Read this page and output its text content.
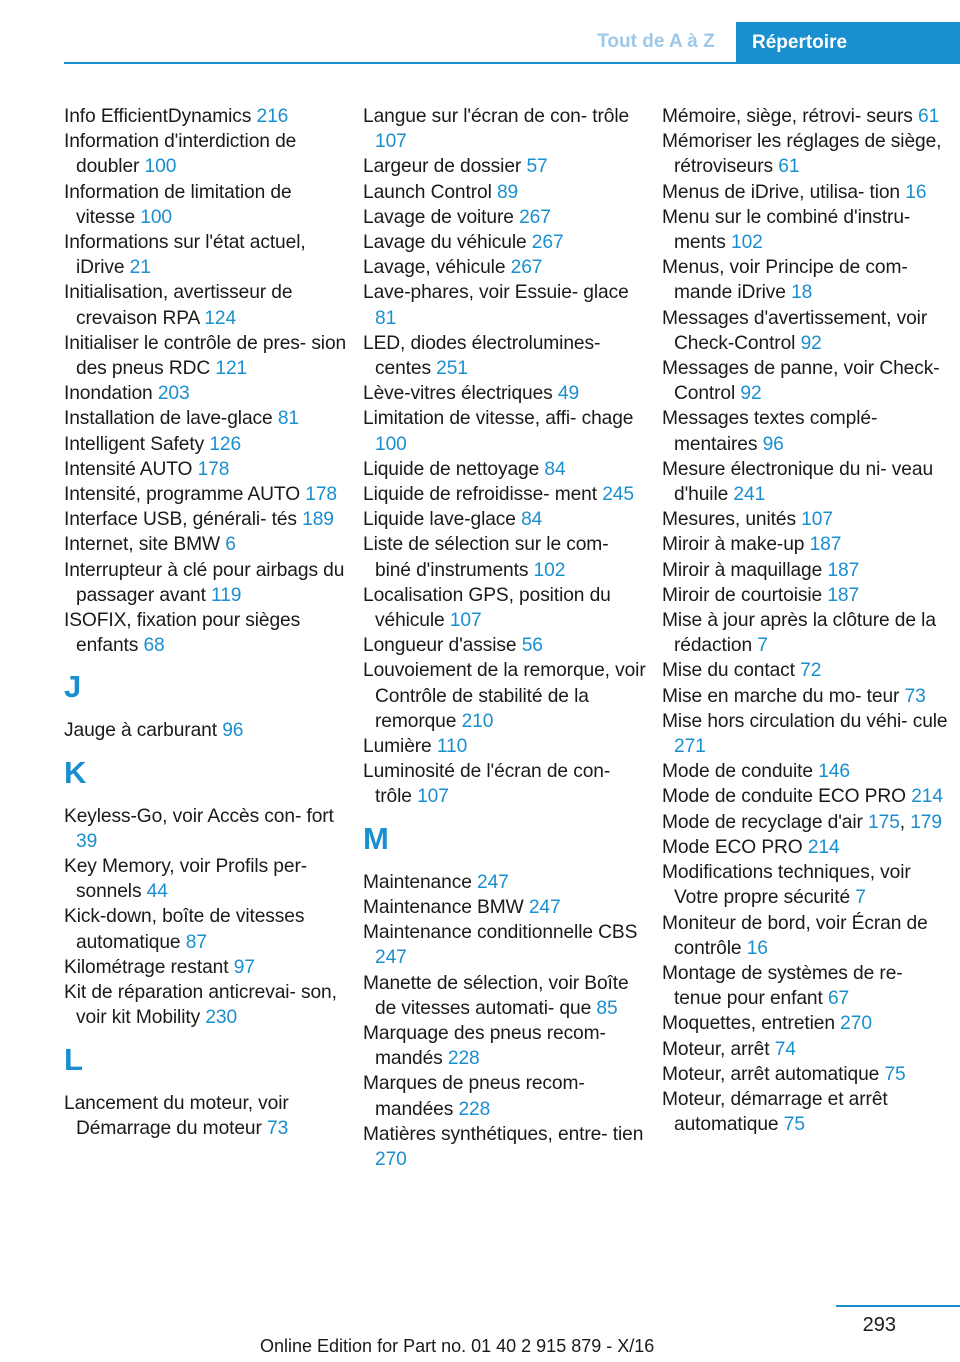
Tout de A à Z	Répertoire

Info EfficientDynamics 216

Information d'interdiction de doubler 100

Information de limitation de vitesse 100

Informations sur l'état actuel, iDrive 21

Initialisation, avertisseur de crevaison RPA 124

Initialiser le contrôle de pres- sion des pneus RDC 121

Inondation 203

Installation de lave-glace 81

Intelligent Safety 126

Intensité AUTO 178

Intensité, programme AUTO 178

Interface USB, générali- tés 189

Internet, site BMW 6

Interrupteur à clé pour airbags du passager avant 119

ISOFIX, fixation pour sièges enfants 68

J

Jauge à carburant 96

K

Keyless-Go, voir Accès con- fort 39

Key Memory, voir Profils per- sonnels 44

Kick-down, boîte de vitesses automatique 87

Kilométrage restant 97

Kit de réparation anticrevai- son, voir kit Mobility 230

L

Lancement du moteur, voir Démarrage du moteur 73

Langue sur l'écran de con- trôle 107

Largeur de dossier 57

Launch Control 89

Lavage de voiture 267

Lavage du véhicule 267

Lavage, véhicule 267

Lave-phares, voir Essuie- glace 81

LED, diodes électrolumines- centes 251

Lève-vitres électriques 49

Limitation de vitesse, affi- chage 100

Liquide de nettoyage 84

Liquide de refroidisse- ment 245

Liquide lave-glace 84

Liste de sélection sur le com- biné d'instruments 102

Localisation GPS, position du véhicule 107

Longueur d'assise 56

Louvoiement de la remorque, voir Contrôle de stabilité de la remorque 210

Lumière 110

Luminosité de l'écran de con- trôle 107

M

Maintenance 247

Maintenance BMW 247

Maintenance conditionnelle CBS 247

Manette de sélection, voir Boîte de vitesses automati- que 85

Marquage des pneus recom- mandés 228

Marques de pneus recom- mandées 228

Matières synthétiques, entre- tien 270

Mémoire, siège, rétrovi- seurs 61

Mémoriser les réglages de siège, rétroviseurs 61

Menus de iDrive, utilisa- tion 16

Menu sur le combiné d'instru- ments 102

Menus, voir Principe de com- mande iDrive 18

Messages d'avertissement, voir Check-Control 92

Messages de panne, voir Check-Control 92

Messages textes complé- mentaires 96

Mesure électronique du ni- veau d'huile 241

Mesures, unités 107

Miroir à make-up 187

Miroir à maquillage 187

Miroir de courtoisie 187

Mise à jour après la clôture de la rédaction 7

Mise du contact 72

Mise en marche du mo- teur 73

Mise hors circulation du véhi- cule 271

Mode de conduite 146

Mode de conduite ECO PRO 214

Mode de recyclage d'air 175, 179

Mode ECO PRO 214

Modifications techniques, voir Votre propre sécurité 7

Moniteur de bord, voir Écran de contrôle 16

Montage de systèmes de re- tenue pour enfant 67

Moquettes, entretien 270

Moteur, arrêt 74

Moteur, arrêt automatique 75

Moteur, démarrage et arrêt automatique 75

293
Online Edition for Part no. 01 40 2 915 879 - X/16
